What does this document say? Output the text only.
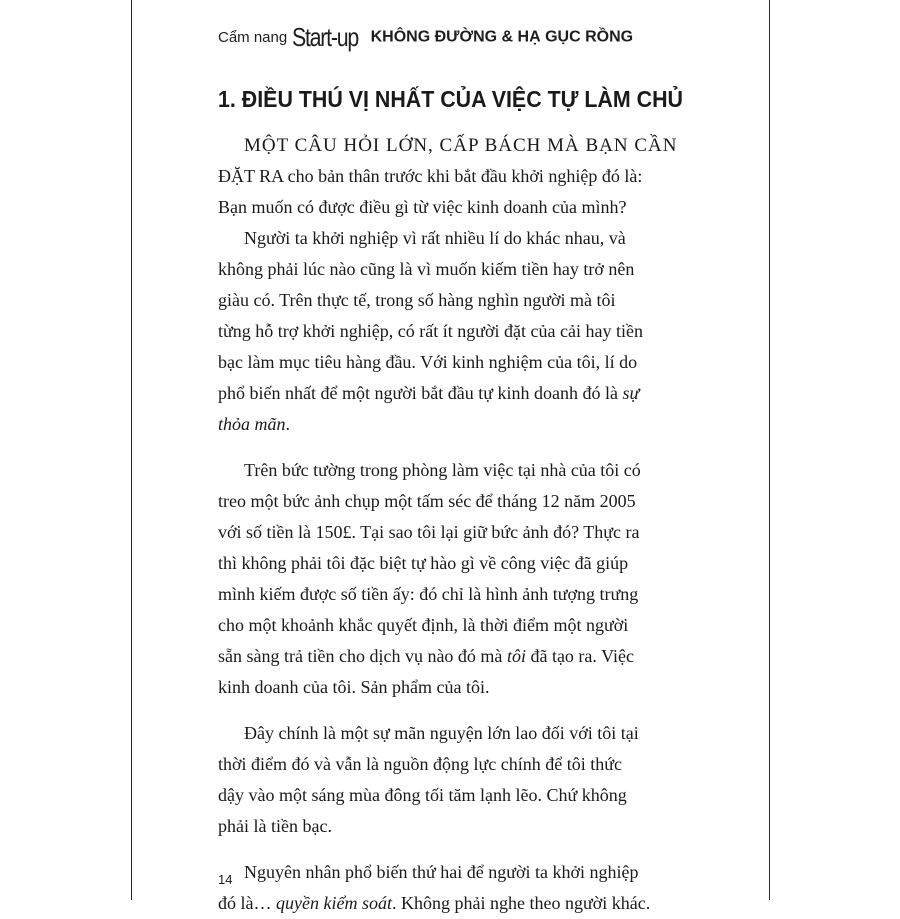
Cẩm nang Start-up KHÔNG ĐƯỜNG & HẠ GỤC RỒNG
1. ĐIỀU THÚ VỊ NHẤT CỦA VIỆC TỰ LÀM CHỦ
MỘT CÂU HỎI LỚN, CẤP BÁCH MÀ BẠN CẦN
ĐẶT RA cho bản thân trước khi bắt đầu khởi nghiệp đó là:
Bạn muốn có được điều gì từ việc kinh doanh của mình?
Người ta khởi nghiệp vì rất nhiều lí do khác nhau, và
không phải lúc nào cũng là vì muốn kiếm tiền hay trở nên
giàu có. Trên thực tế, trong số hàng nghìn người mà tôi
từng hỗ trợ khởi nghiệp, có rất ít người đặt của cải hay tiền
bạc làm mục tiêu hàng đầu. Với kinh nghiệm của tôi, lí do
phổ biến nhất để một người bắt đầu tự kinh doanh đó là sự
thỏa mãn.
Trên bức tường trong phòng làm việc tại nhà của tôi có
treo một bức ảnh chụp một tấm séc để tháng 12 năm 2005
với số tiền là 150£. Tại sao tôi lại giữ bức ảnh đó? Thực ra
thì không phải tôi đặc biệt tự hào gì về công việc đã giúp
mình kiếm được số tiền ấy: đó chỉ là hình ảnh tượng trưng
cho một khoảnh khắc quyết định, là thời điểm một người
sẵn sàng trả tiền cho dịch vụ nào đó mà tôi đã tạo ra. Việc
kinh doanh của tôi. Sản phẩm của tôi.
Đây chính là một sự mãn nguyện lớn lao đối với tôi tại
thời điểm đó và vẫn là nguồn động lực chính để tôi thức
dậy vào một sáng mùa đông tối tăm lạnh lẽo. Chứ không
phải là tiền bạc.
Nguyên nhân phổ biến thứ hai để người ta khởi nghiệp
đó là… quyền kiểm soát. Không phải nghe theo người khác.
14
